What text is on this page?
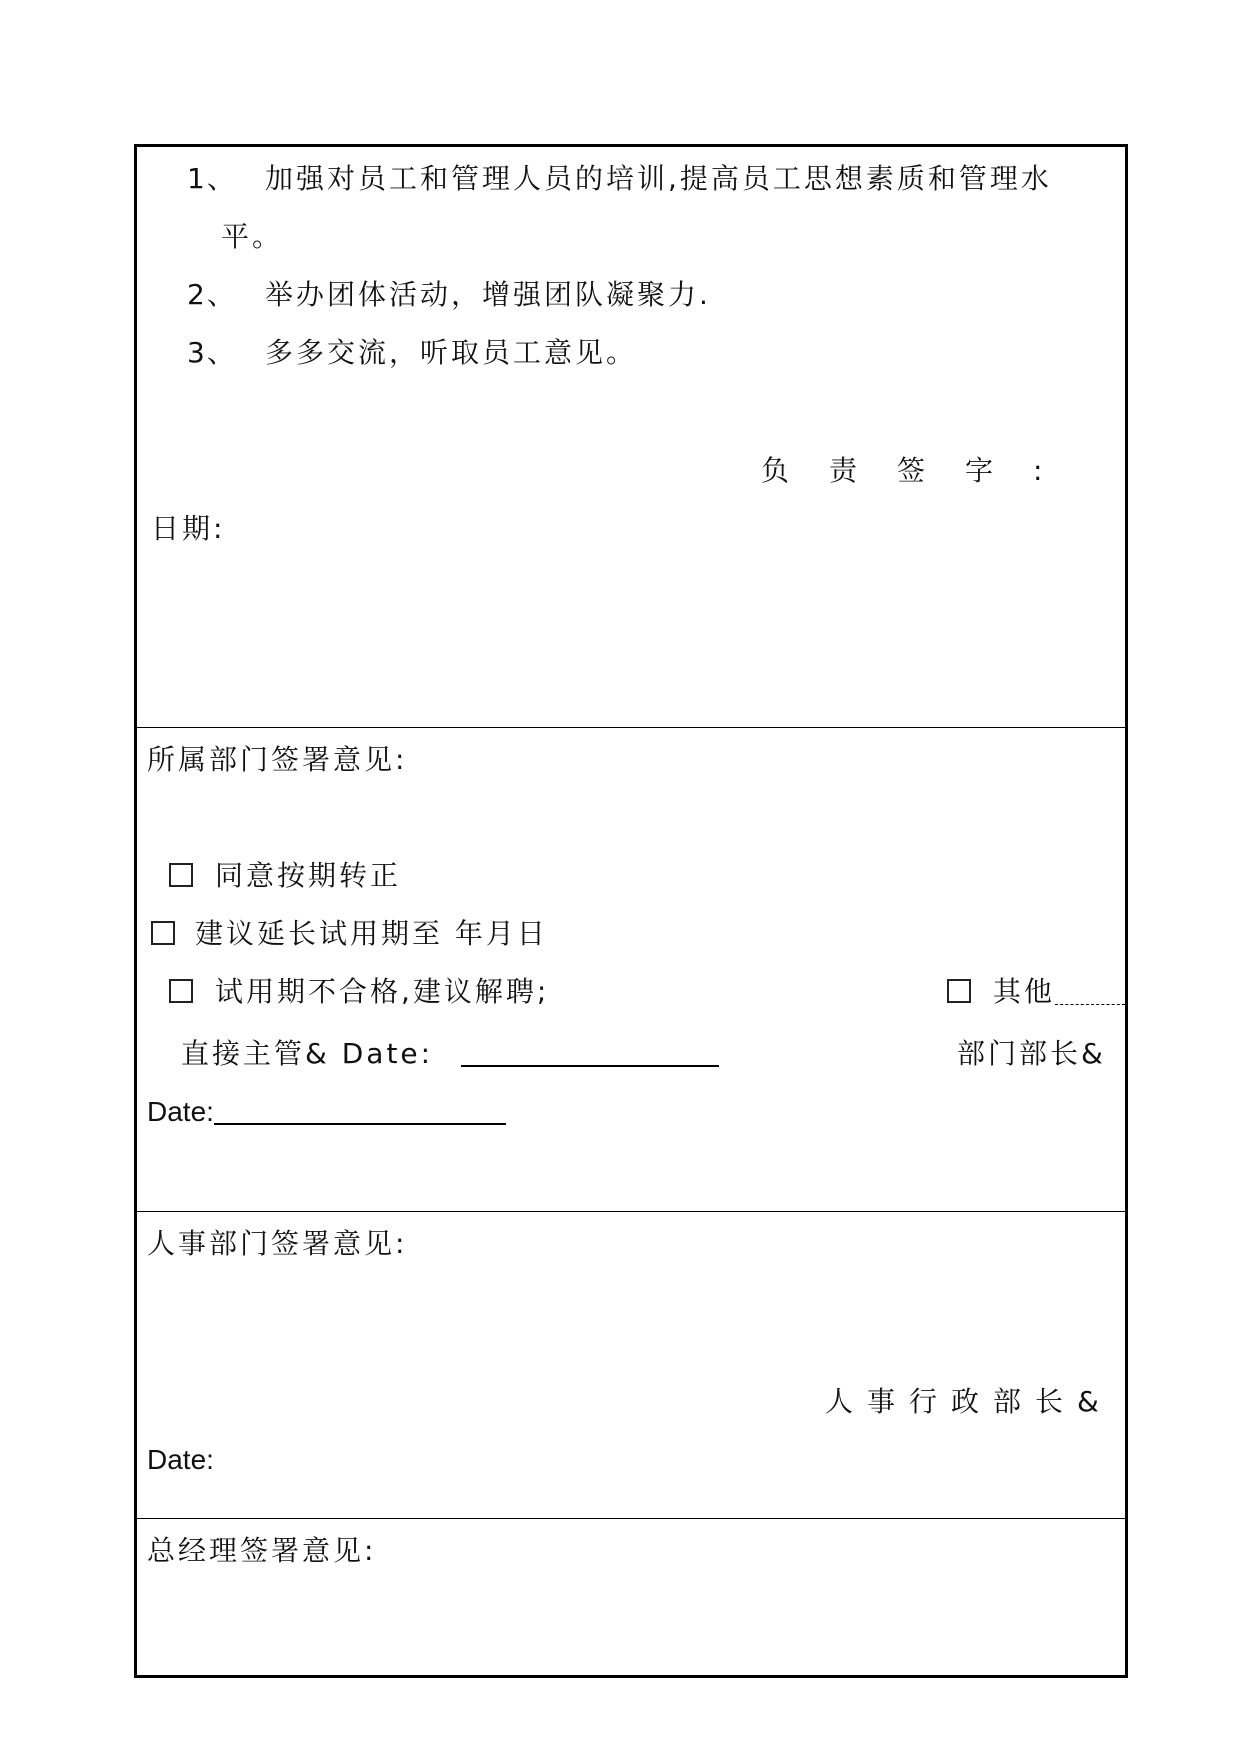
1、 加强对员工和管理人员的培训,提高员工思想素质和管理水
平。
2、 举办团体活动，增强团队凝聚力.
3、 多多交流，听取员工意见。
负责签字:
日期:
所属部门签署意见:
同意按期转正
建议延长试用期至 年月日
试用期不合格,建议解聘;	其他
直接主管& Date:	部门部长&
Date:
人事部门签署意见:
人事行政部长&
Date:
总经理签署意见:
